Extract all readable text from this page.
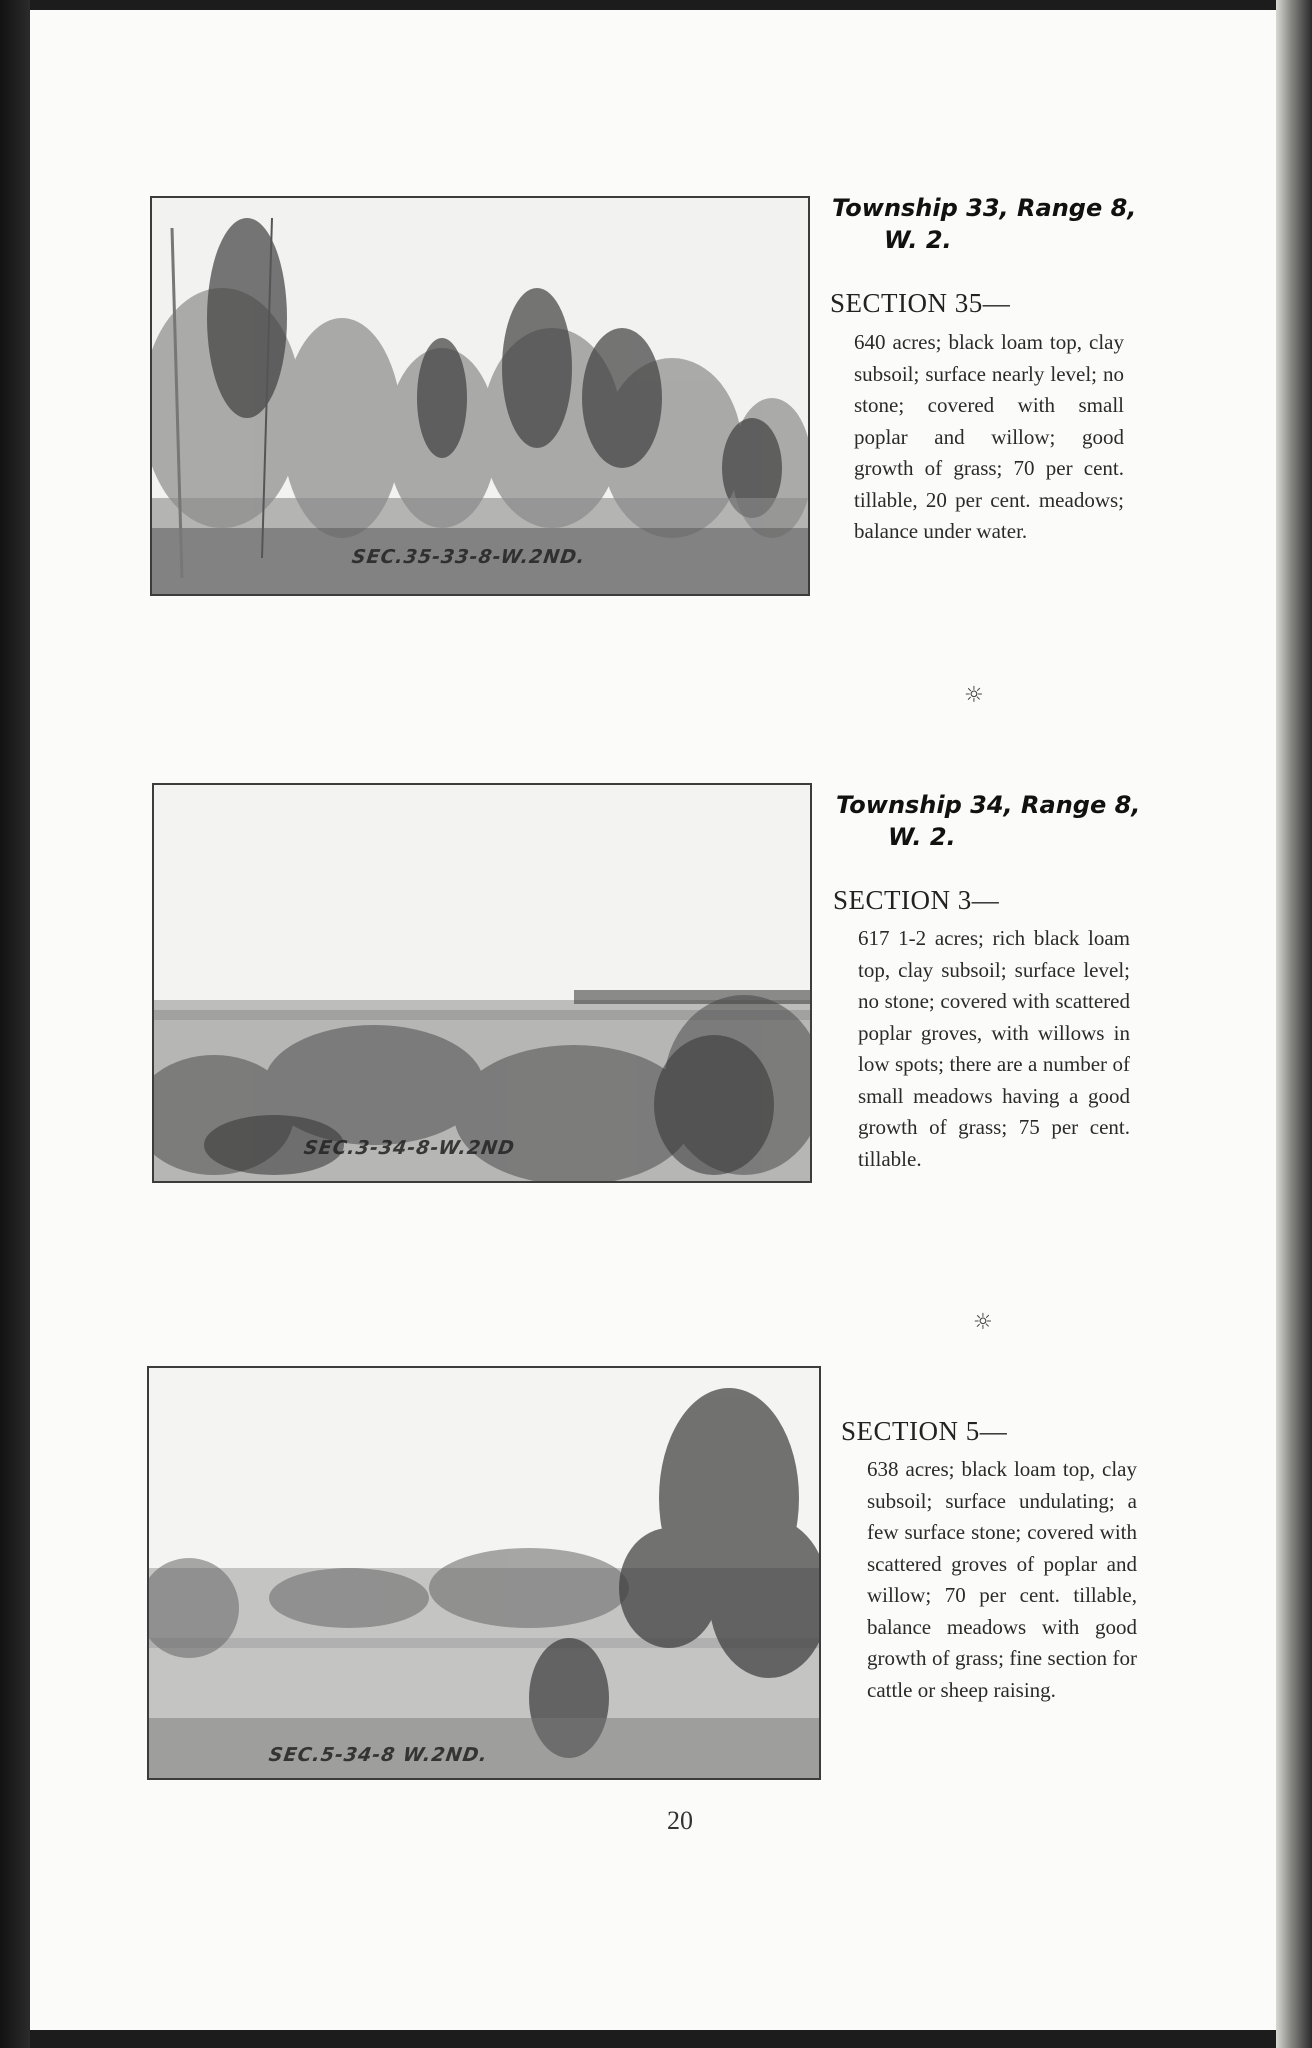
SEC.35-33-8-W.2ND.
Township 33, Range 8,
W. 2.
SECTION 35—
640 acres; black loam top, clay subsoil; surface nearly level; no stone; covered with small poplar and willow; good growth of grass; 70 per cent. tillable, 20 per cent. meadows; balance under water.
☼
SEC.3-34-8-W.2ND
Township 34, Range 8,
W. 2.
SECTION 3—
617 1-2 acres; rich black loam top, clay subsoil; surface level; no stone; covered with scattered poplar groves, with willows in low spots; there are a number of small meadows having a good growth of grass; 75 per cent. tillable.
☼
SEC.5-34-8 W.2ND.
SECTION 5—
638 acres; black loam top, clay subsoil; surface undulating; a few surface stone; covered with scattered groves of poplar and willow; 70 per cent. tillable, balance meadows with good growth of grass; fine section for cattle or sheep raising.
20
